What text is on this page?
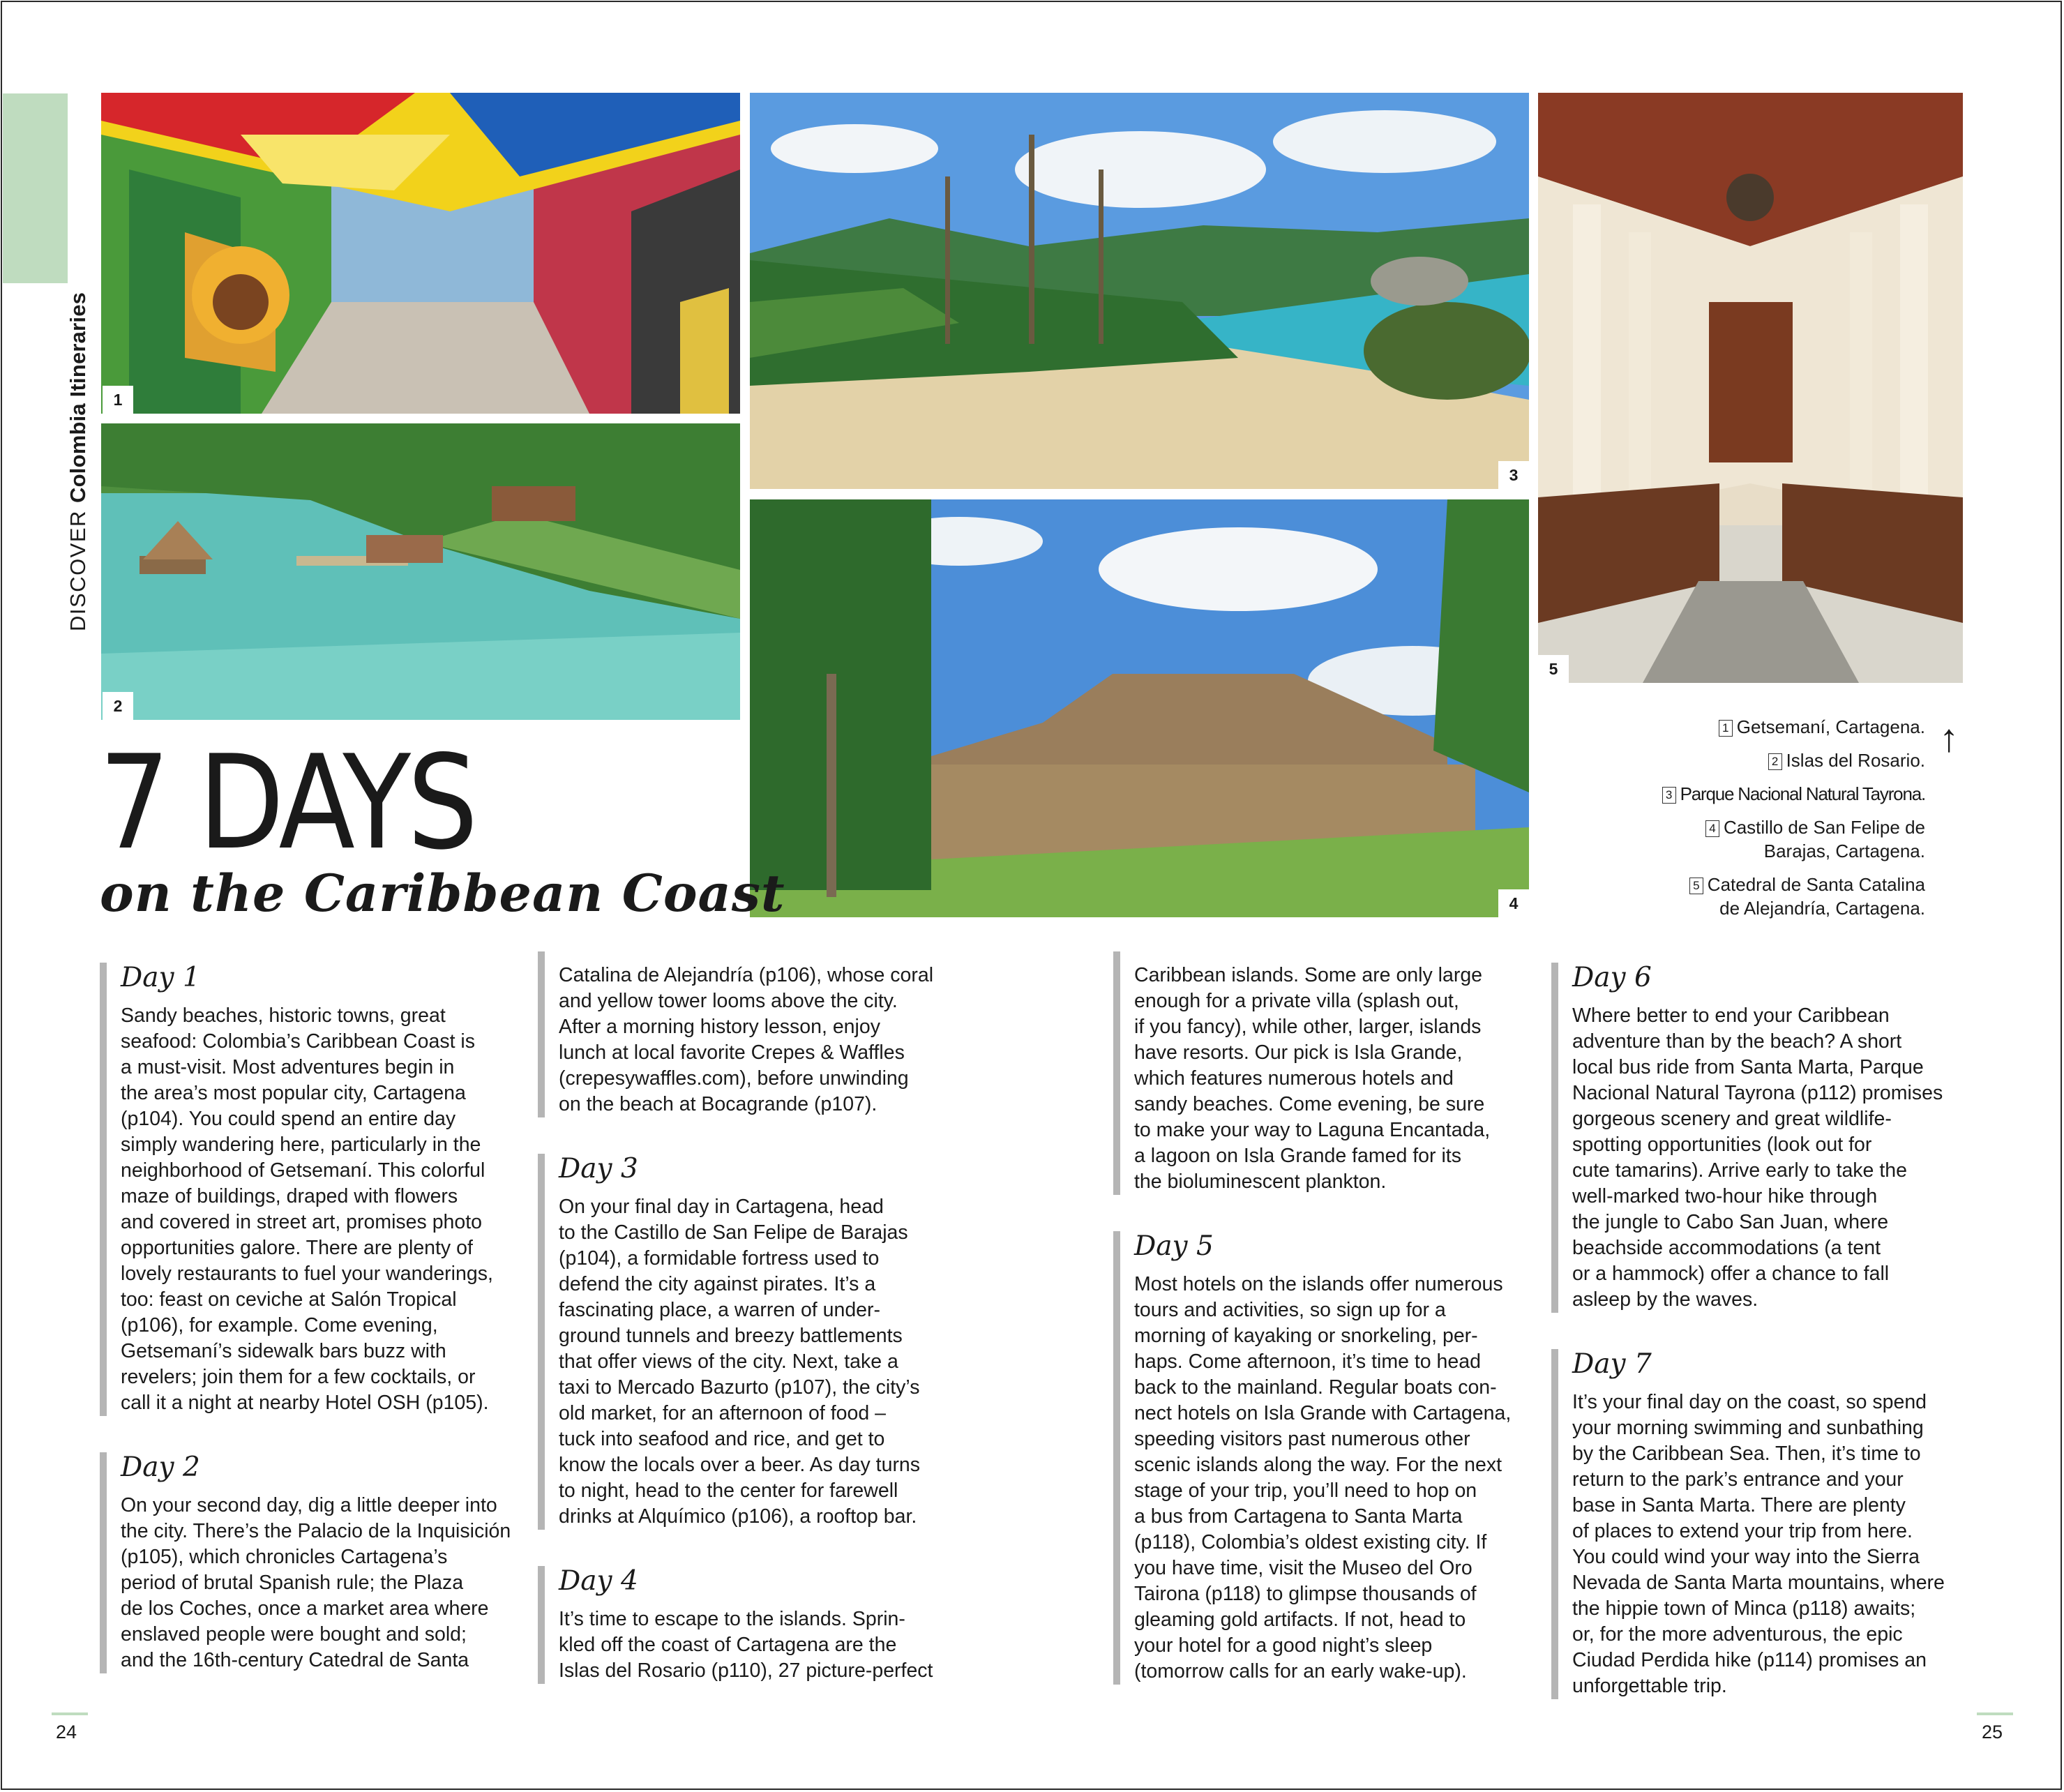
DISCOVER Colombia Itineraries	1
2
3
4
5
7 DAYS
on the Caribbean Coast
1 Getsemaní, Cartagena.
2 Islas del Rosario.
3 Parque Nacional Natural Tayrona.
4 Castillo de San Felipe de
Barajas, Cartagena.
5 Catedral de Santa Catalina
de Alejandría, Cartagena.
↑
Day 1

Sandy beaches, historic towns, great
seafood: Colombia’s Caribbean Coast is
a must-visit. Most adventures begin in
the area’s most popular city, Cartagena
(p104). You could spend an entire day
simply wandering here, particularly in the
neighborhood of Getsemaní. This colorful
maze of buildings, draped with flowers
and covered in street art, promises photo
opportunities galore. There are plenty of
lovely restaurants to fuel your wanderings,
too: feast on ceviche at Salón Tropical
(p106), for example. Come evening,
Getsemaní’s sidewalk bars buzz with
revelers; join them for a few cocktails, or
call it a night at nearby Hotel OSH (p105).

Day 2

On your second day, dig a little deeper into
the city. There’s the Palacio de la Inquisición
(p105), which chronicles Cartagena’s
period of brutal Spanish rule; the Plaza
de los Coches, once a market area where
enslaved people were bought and sold;
and the 16th-century Catedral de Santa

Catalina de Alejandría (p106), whose coral
and yellow tower looms above the city.
After a morning history lesson, enjoy
lunch at local favorite Crepes & Waffles
(crepesywaffles.com), before unwinding
on the beach at Bocagrande (p107).

Day 3

On your final day in Cartagena, head
to the Castillo de San Felipe de Barajas
(p104), a formidable fortress used to
defend the city against pirates. It’s a
fascinating place, a warren of under-
ground tunnels and breezy battlements
that offer views of the city. Next, take a
taxi to Mercado Bazurto (p107), the city’s
old market, for an afternoon of food –
tuck into seafood and rice, and get to
know the locals over a beer. As day turns
to night, head to the center for farewell
drinks at Alquímico (p106), a rooftop bar.

Day 4

It’s time to escape to the islands. Sprin-
kled off the coast of Cartagena are the
Islas del Rosario (p110), 27 picture-perfect

Caribbean islands. Some are only large
enough for a private villa (splash out,
if you fancy), while other, larger, islands
have resorts. Our pick is Isla Grande,
which features numerous hotels and
sandy beaches. Come evening, be sure
to make your way to Laguna Encantada,
a lagoon on Isla Grande famed for its
the bioluminescent plankton.

Day 5

Most hotels on the islands offer numerous
tours and activities, so sign up for a
morning of kayaking or snorkeling, per-
haps. Come afternoon, it’s time to head
back to the mainland. Regular boats con-
nect hotels on Isla Grande with Cartagena,
speeding visitors past numerous other
scenic islands along the way. For the next
stage of your trip, you’ll need to hop on
a bus from Cartagena to Santa Marta
(p118), Colombia’s oldest existing city. If
you have time, visit the Museo del Oro
Tairona (p118) to glimpse thousands of
gleaming gold artifacts. If not, head to
your hotel for a good night’s sleep
(tomorrow calls for an early wake-up).

Day 6

Where better to end your Caribbean
adventure than by the beach? A short
local bus ride from Santa Marta, Parque
Nacional Natural Tayrona (p112) promises
gorgeous scenery and great wildlife-
spotting opportunities (look out for
cute tamarins). Arrive early to take the
well-marked two-hour hike through
the jungle to Cabo San Juan, where
beachside accommodations (a tent
or a hammock) offer a chance to fall
asleep by the waves.

Day 7

It’s your final day on the coast, so spend
your morning swimming and sunbathing
by the Caribbean Sea. Then, it’s time to
return to the park’s entrance and your
base in Santa Marta. There are plenty
of places to extend your trip from here.
You could wind your way into the Sierra
Nevada de Santa Marta mountains, where
the hippie town of Minca (p118) awaits;
or, for the more adventurous, the epic
Ciudad Perdida hike (p114) promises an
unforgettable trip.

24	25
